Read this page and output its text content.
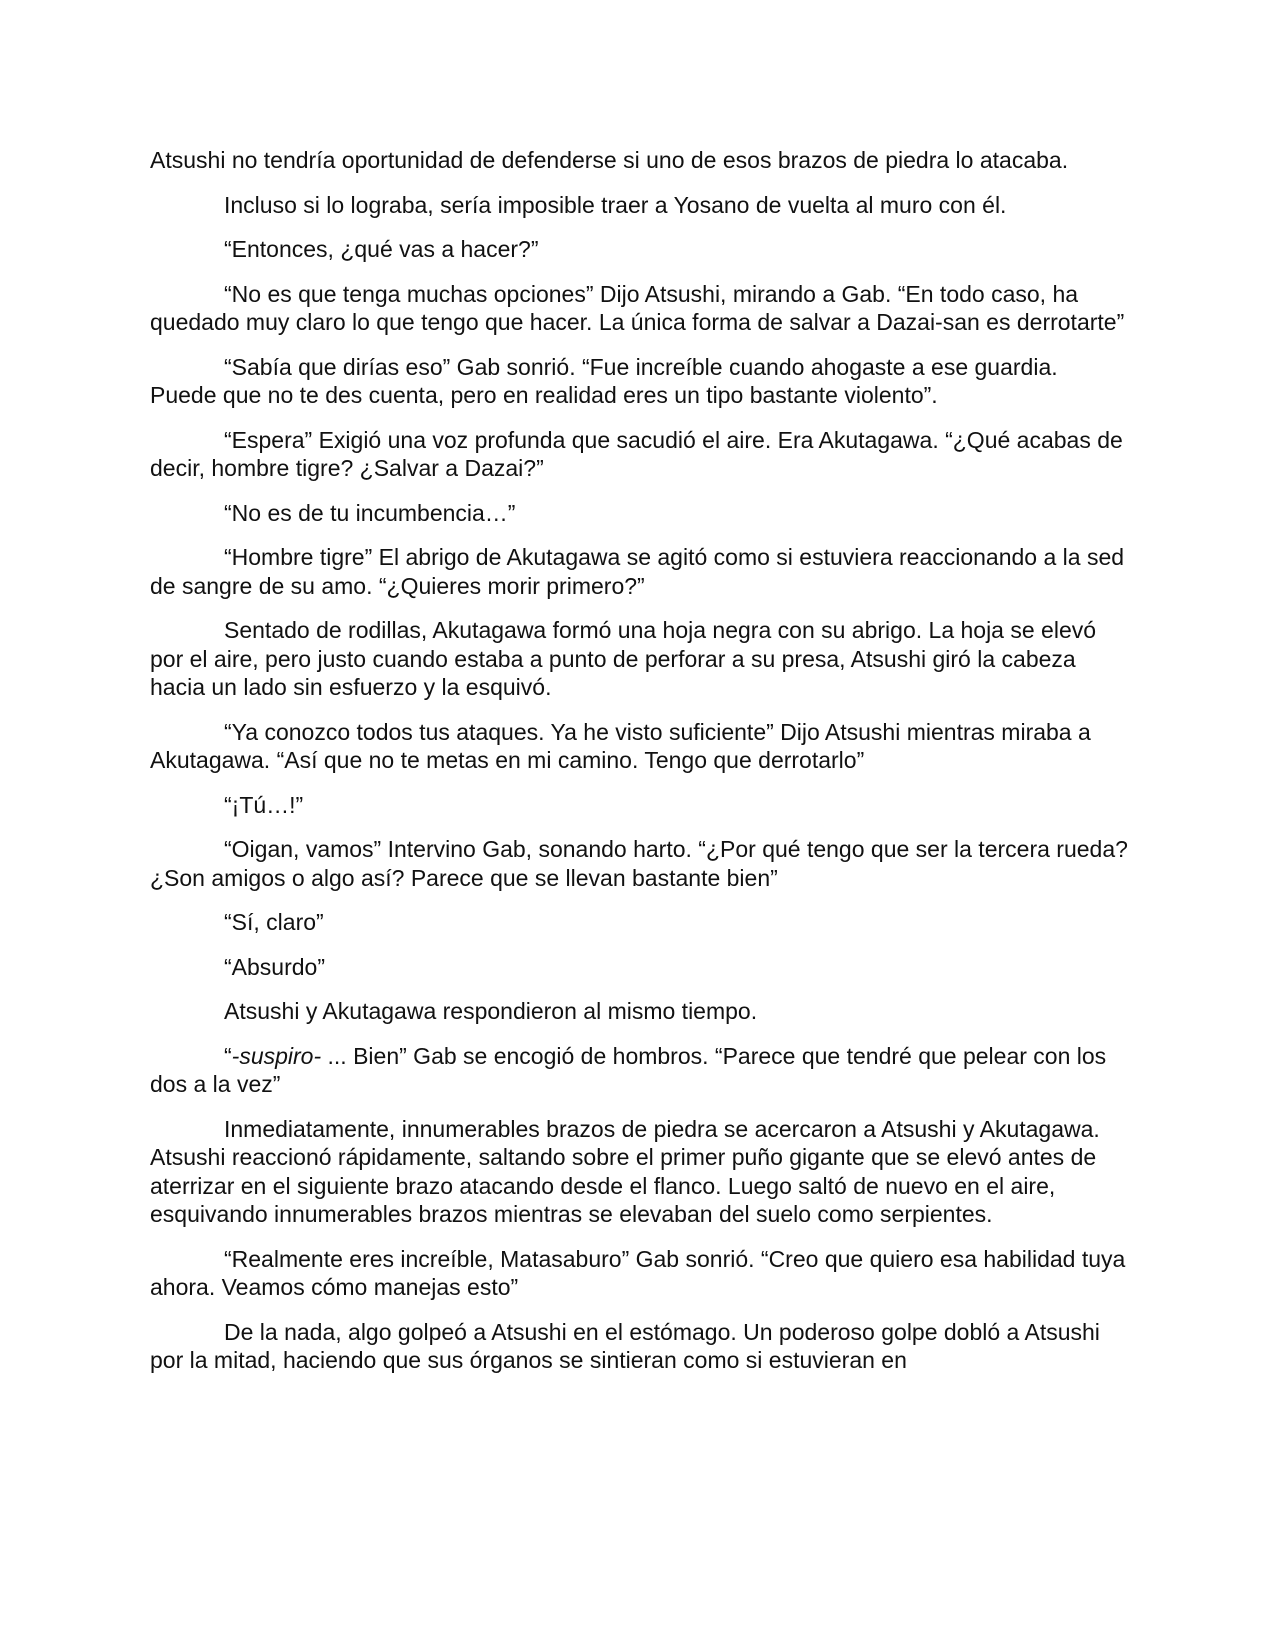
Atsushi no tendría oportunidad de defenderse si uno de esos brazos de piedra lo atacaba.

Incluso si lo lograba, sería imposible traer a Yosano de vuelta al muro con él.

“Entonces, ¿qué vas a hacer?”

“No es que tenga muchas opciones” Dijo Atsushi, mirando a Gab. “En todo caso, ha quedado muy claro lo que tengo que hacer. La única forma de salvar a Dazai-san es derrotarte”

“Sabía que dirías eso” Gab sonrió. “Fue increíble cuando ahogaste a ese guardia. Puede que no te des cuenta, pero en realidad eres un tipo bastante violento”.

“Espera” Exigió una voz profunda que sacudió el aire. Era Akutagawa. “¿Qué acabas de decir, hombre tigre? ¿Salvar a Dazai?”

“No es de tu incumbencia…”

“Hombre tigre” El abrigo de Akutagawa se agitó como si estuviera reaccionando a la sed de sangre de su amo. “¿Quieres morir primero?”

Sentado de rodillas, Akutagawa formó una hoja negra con su abrigo. La hoja se elevó por el aire, pero justo cuando estaba a punto de perforar a su presa, Atsushi giró la cabeza hacia un lado sin esfuerzo y la esquivó.

“Ya conozco todos tus ataques. Ya he visto suficiente” Dijo Atsushi mientras miraba a Akutagawa. “Así que no te metas en mi camino. Tengo que derrotarlo”

“¡Tú…!”

“Oigan, vamos” Intervino Gab, sonando harto. “¿Por qué tengo que ser la tercera rueda? ¿Son amigos o algo así? Parece que se llevan bastante bien”

“Sí, claro”

“Absurdo”

Atsushi y Akutagawa respondieron al mismo tiempo.

“-suspiro- ... Bien” Gab se encogió de hombros. “Parece que tendré que pelear con los dos a la vez”

Inmediatamente, innumerables brazos de piedra se acercaron a Atsushi y Akutagawa. Atsushi reaccionó rápidamente, saltando sobre el primer puño gigante que se elevó antes de aterrizar en el siguiente brazo atacando desde el flanco. Luego saltó de nuevo en el aire, esquivando innumerables brazos mientras se elevaban del suelo como serpientes.

“Realmente eres increíble, Matasaburo” Gab sonrió. “Creo que quiero esa habilidad tuya ahora. Veamos cómo manejas esto”

De la nada, algo golpeó a Atsushi en el estómago. Un poderoso golpe dobló a Atsushi por la mitad, haciendo que sus órganos se sintieran como si estuvieran en
